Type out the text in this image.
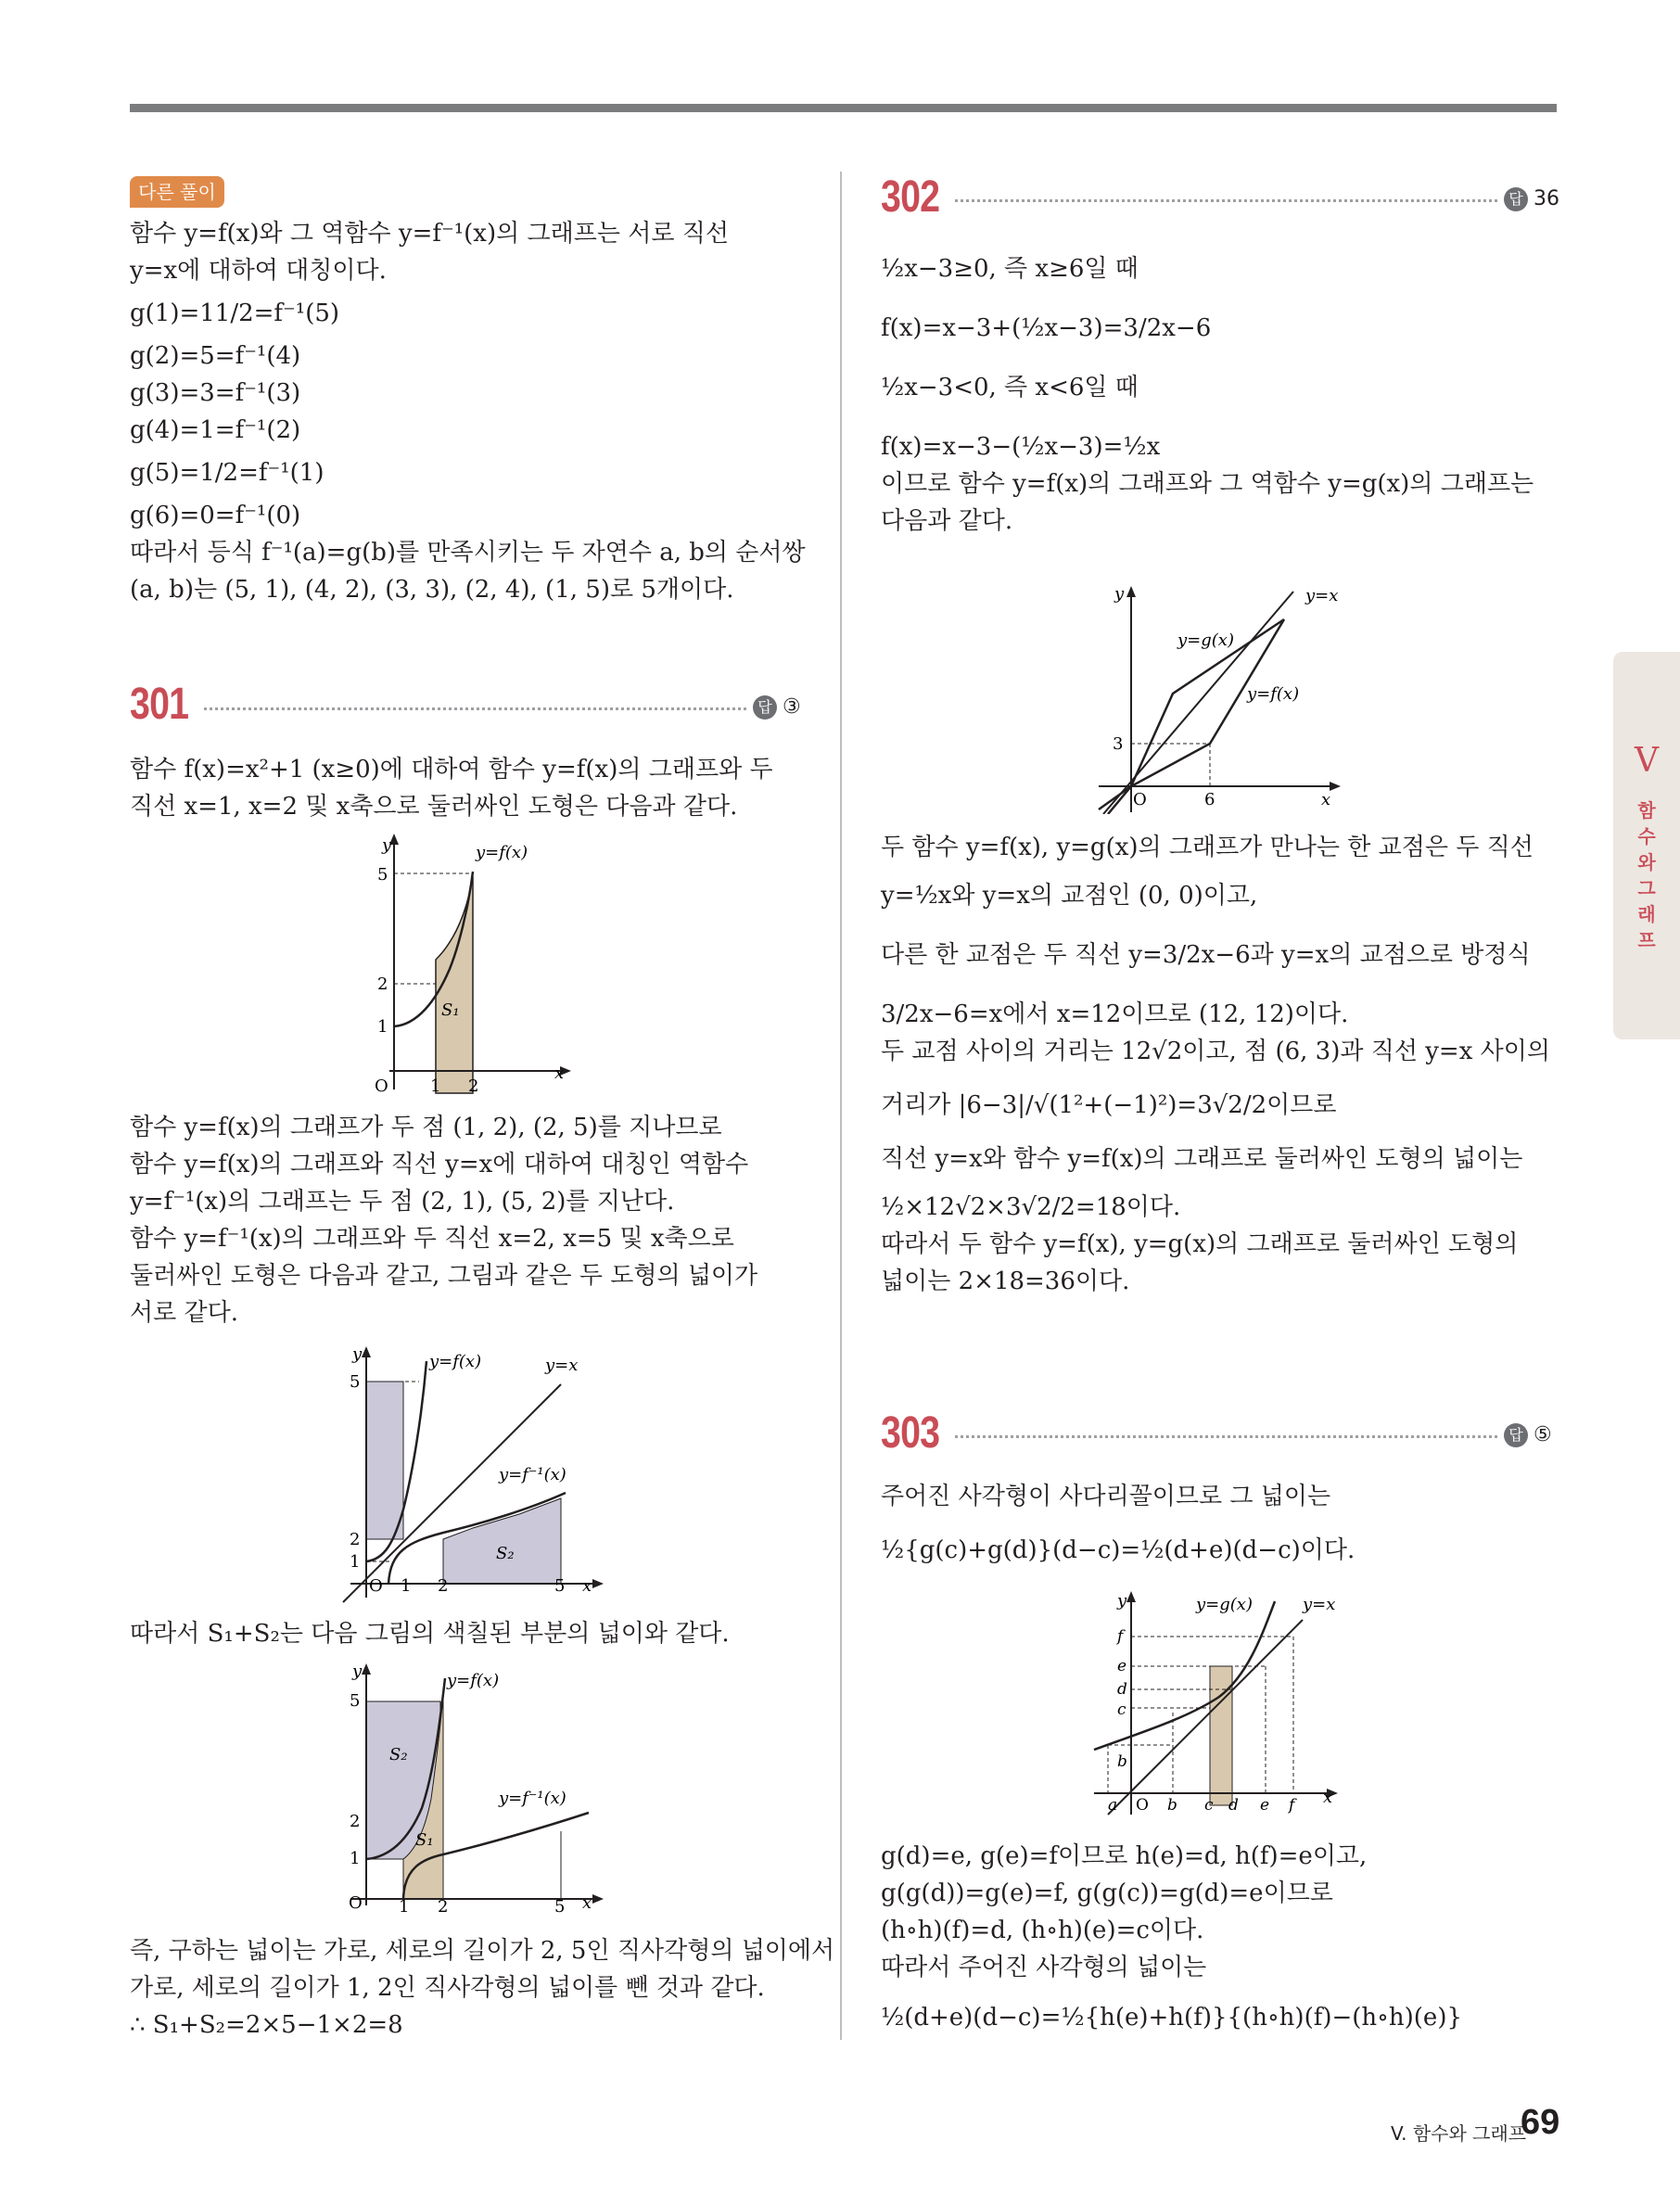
다른 풀이

함수 y=f(x)와 그 역함수 y=f⁻¹(x)의 그래프는 서로 직선

y=x에 대하여 대칭이다.

g(1)=11/2=f⁻¹(5)

g(2)=5=f⁻¹(4)

g(3)=3=f⁻¹(3)

g(4)=1=f⁻¹(2)

g(5)=1/2=f⁻¹(1)

g(6)=0=f⁻¹(0)

따라서 등식 f⁻¹(a)=g(b)를 만족시키는 두 자연수 a, b의 순서쌍

(a, b)는 (5, 1), (4, 2), (3, 3), (2, 4), (1, 5)로 5개이다.

301	답 ③

함수 f(x)=x²+1 (x≥0)에 대하여 함수 y=f(x)의 그래프와 두

직선 x=1, x=2 및 x축으로 둘러싸인 도형은 다음과 같다.

y	y=f(x)
S₁
5
2
1
O	1 2
x

함수 y=f(x)의 그래프가 두 점 (1, 2), (2, 5)를 지나므로

함수 y=f(x)의 그래프와 직선 y=x에 대하여 대칭인 역함수

y=f⁻¹(x)의 그래프는 두 점 (2, 1), (5, 2)를 지난다.

함수 y=f⁻¹(x)의 그래프와 두 직선 x=2, x=5 및 x축으로

둘러싸인 도형은 다음과 같고, 그림과 같은 두 도형의 넓이가

서로 같다.

y	y=f(x)	y=x
y=f⁻¹(x)
S₂
5
2
1
O 1 2	5 x

따라서 S₁+S₂는 다음 그림의 색칠된 부분의 넓이와 같다.

y	y=f(x)
y=f⁻¹(x)
S₂
S₁
5
2
1
O 1 2	5 x

즉, 구하는 넓이는 가로, 세로의 길이가 2, 5인 직사각형의 넓이에서

가로, 세로의 길이가 1, 2인 직사각형의 넓이를 뺀 것과 같다.

∴ S₁+S₂=2×5−1×2=8

302	답 36

½x−3≥0, 즉 x≥6일 때

f(x)=x−3+(½x−3)=3/2x−6

½x−3<0, 즉 x<6일 때

f(x)=x−3−(½x−3)=½x

이므로 함수 y=f(x)의 그래프와 그 역함수 y=g(x)의 그래프는

다음과 같다.

y	y=x
y=g(x)
y=f(x)
3
O	6	x

두 함수 y=f(x), y=g(x)의 그래프가 만나는 한 교점은 두 직선

y=½x와 y=x의 교점인 (0, 0)이고,

다른 한 교점은 두 직선 y=3/2x−6과 y=x의 교점으로 방정식

3/2x−6=x에서 x=12이므로 (12, 12)이다.

두 교점 사이의 거리는 12√2이고, 점 (6, 3)과 직선 y=x 사이의

거리가 |6−3|/√(1²+(−1)²)=3√2/2이므로

직선 y=x와 함수 y=f(x)의 그래프로 둘러싸인 도형의 넓이는

½×12√2×3√2/2=18이다.

따라서 두 함수 y=f(x), y=g(x)의 그래프로 둘러싸인 도형의

넓이는 2×18=36이다.

303	답 ⑤

주어진 사각형이 사다리꼴이므로 그 넓이는

½{g(c)+g(d)}(d−c)=½(d+e)(d−c)이다.

y	y=g(x)	y=x
f
e
d
c
b
a O b c d e f x

g(d)=e, g(e)=f이므로 h(e)=d, h(f)=e이고,

g(g(d))=g(e)=f, g(g(c))=g(d)=e이므로

(h∘h)(f)=d, (h∘h)(e)=c이다.

따라서 주어진 사각형의 넓이는

½(d+e)(d−c)=½{h(e)+h(f)}{(h∘h)(f)−(h∘h)(e)}

V
함
수
와
그
래
프
V. 함수와 그래프
69
